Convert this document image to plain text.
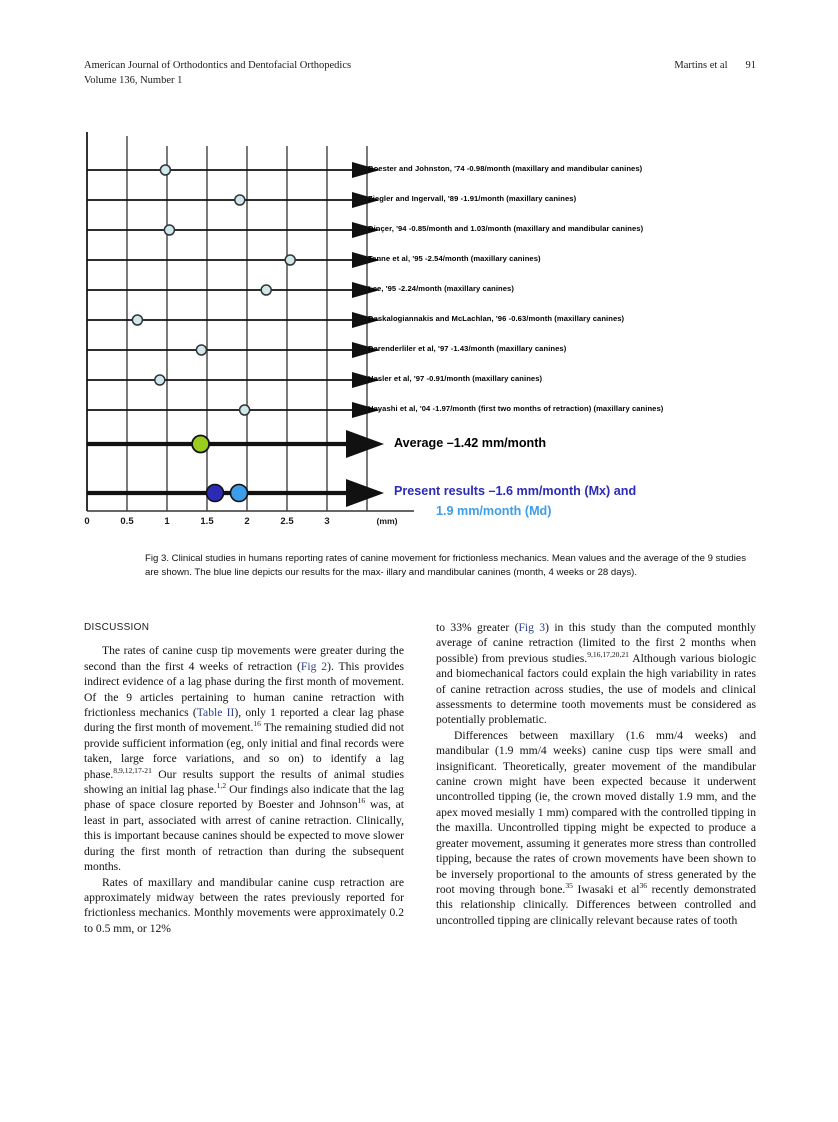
American Journal of Orthodontics and Dentofacial Orthopedics	Martins et al 91
Volume 136, Number 1
0	0.5	1	1.5	2	2.5	3	(mm)
Boester and Johnston, '74 -0.98/month (maxillary and mandibular canines)
Ziegler and Ingervall, '89 -1.91/month (maxillary canines)
Dinçer, '94 -0.85/month and 1.03/month (maxillary and mandibular canines)
Tanne et al, '95 -2.54/month (maxillary canines)
Lee, '95 -2.24/month (maxillary canines)
Daskalogiannakis and McLachlan, '96 -0.63/month (maxillary canines)
Darenderliler et al, '97 -1.43/month (maxillary canines)
Hasler et al, '97 -0.91/month (maxillary canines)
Hayashi et al, '04 -1.97/month (first two months of retraction) (maxillary canines)
Average –1.42 mm/month
Present results –1.6 mm/month (Mx) and
1.9 mm/month (Md)
Fig 3. Clinical studies in humans reporting rates of canine movement for frictionless mechanics. Mean values and the average of the 9 studies are shown. The blue line depicts our results for the max- illary and mandibular canines (month, 4 weeks or 28 days).
DISCUSSION

The rates of canine cusp tip movements were greater during the second than the first 4 weeks of retraction (Fig 2). This provides indirect evidence of a lag phase during the first month of movement. Of the 9 articles pertaining to human canine retraction with frictionless mechanics (Table II), only 1 reported a clear lag phase during the first month of movement.$^{16}$ The remaining studied did not provide sufficient information (eg, only initial and final records were taken, large force variations, and so on) to identify a lag phase.$^{8,9,12,17-21}$ Our results support the results of animal studies showing an initial lag phase.$^{1,2}$ Our findings also indicate that the lag phase of space closure reported by Boester and Johnson$^{16}$ was, at least in part, associated with arrest of canine retraction. Clinically, this is important because canines should be expected to move slower during the first month of retraction than during the subsequent months.

Rates of maxillary and mandibular canine cusp retraction are approximately midway between the rates previously reported for frictionless mechanics. Monthly movements were approximately 0.2 to 0.5 mm, or 12%

to 33% greater (Fig 3) in this study than the computed monthly average of canine retraction (limited to the first 2 months when possible) from previous studies.$^{9,16,17,20,21}$ Although various biologic and biomechanical factors could explain the high variability in rates of canine retraction across studies, the use of models and clinical assessments to determine tooth movements must be considered as potentially problematic.

Differences between maxillary (1.6 mm/4 weeks) and mandibular (1.9 mm/4 weeks) canine cusp tips were small and insignificant. Theoretically, greater movement of the mandibular canine crown might have been expected because it underwent uncontrolled tipping (ie, the crown moved distally 1.9 mm, and the apex moved mesially 1 mm) compared with the controlled tipping in the maxilla. Uncontrolled tipping might be expected to produce a greater movement, assuming it generates more stress than controlled tipping, because the rates of crown movements have been shown to be inversely proportional to the amounts of stress generated by the root moving through bone.$^{35}$ Iwasaki et $al^{36}$ recently demonstrated this relationship clinically. Differences between controlled and uncontrolled tipping are clinically relevant because rates of tooth
